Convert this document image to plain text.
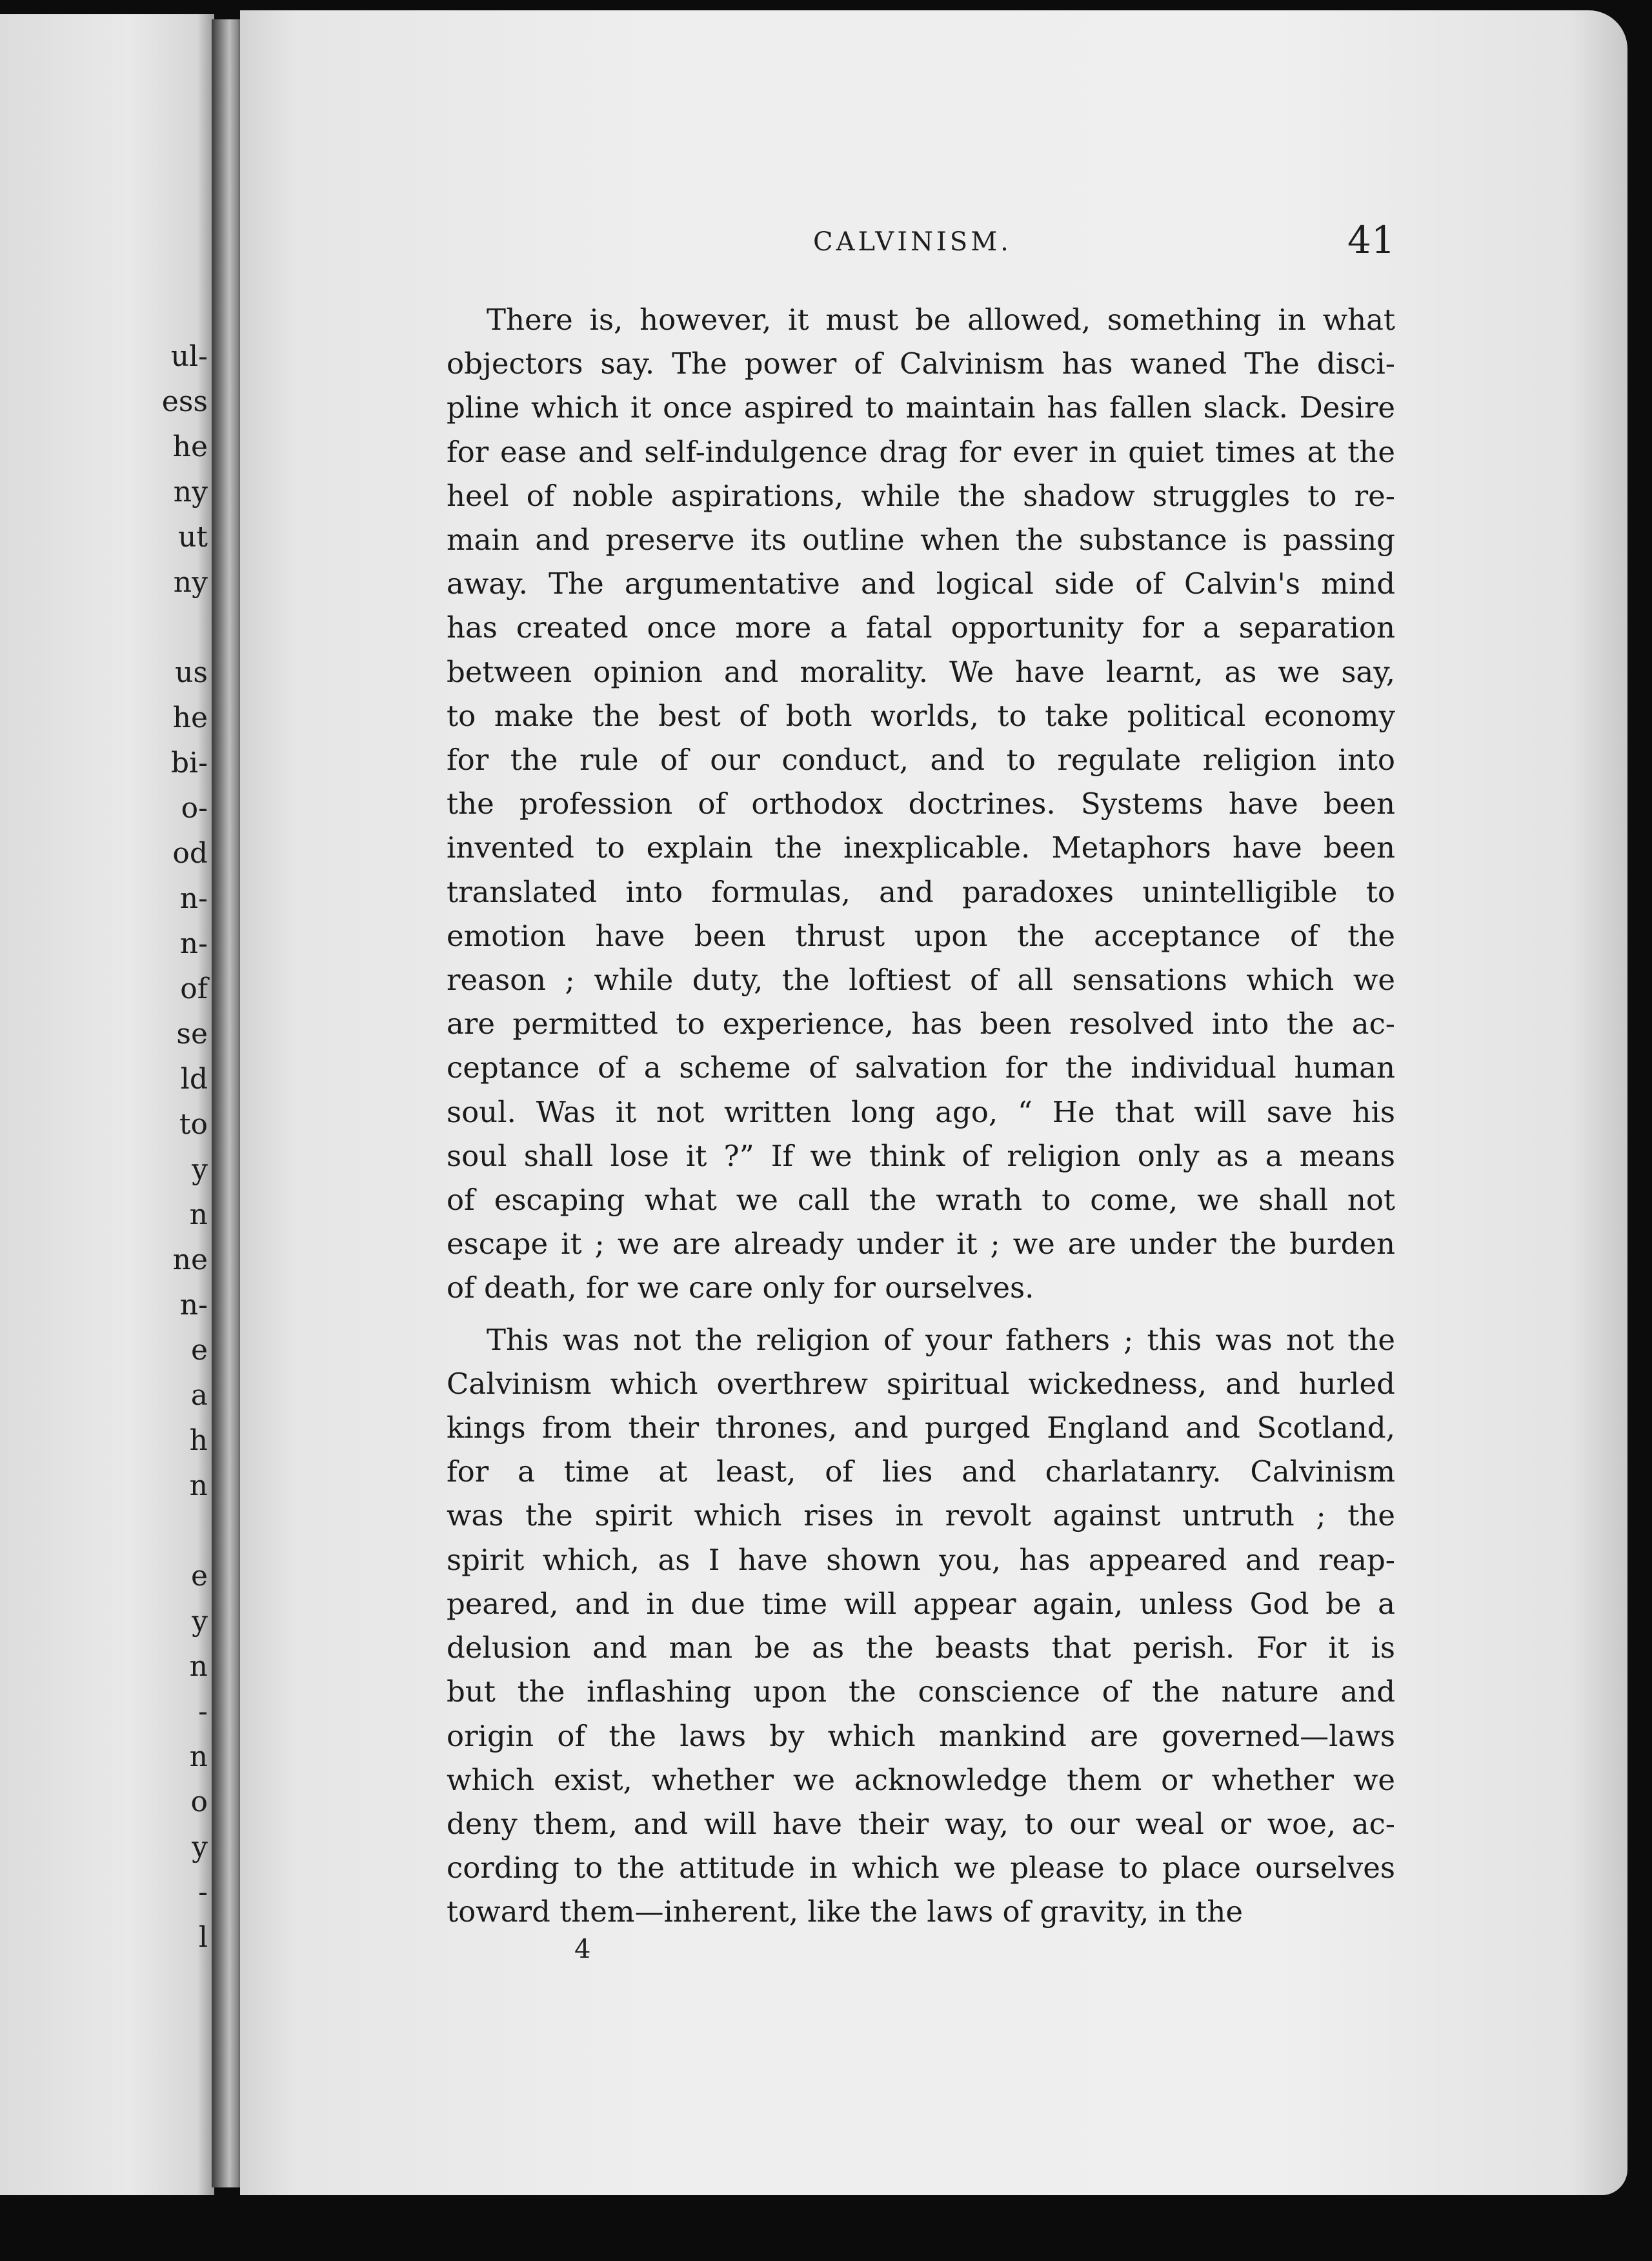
ul-
ess
he
ny
ut
ny
us
he
bi-
o-
od
n-
n-
of
se
ld
to
y
n
ne
n-
e
a
h
n
e
y
n
-
n
o
y
-
l
CALVINISM.	41
There is, however, it must be allowed, something in what
objectors say. The power of Calvinism has waned The disci-
pline which it once aspired to maintain has fallen slack. Desire
for ease and self-indulgence drag for ever in quiet times at the
heel of noble aspirations, while the shadow struggles to re-
main and preserve its outline when the substance is passing
away. The argumentative and logical side of Calvin's mind
has created once more a fatal opportunity for a separation
between opinion and morality. We have learnt, as we say,
to make the best of both worlds, to take political economy
for the rule of our conduct, and to regulate religion into
the profession of orthodox doctrines. Systems have been
invented to explain the inexplicable. Metaphors have been
translated into formulas, and paradoxes unintelligible to
emotion have been thrust upon the acceptance of the
reason ; while duty, the loftiest of all sensations which we
are permitted to experience, has been resolved into the ac-
ceptance of a scheme of salvation for the individual human
soul. Was it not written long ago, “ He that will save his
soul shall lose it ?” If we think of religion only as a means
of escaping what we call the wrath to come, we shall not
escape it ; we are already under it ; we are under the burden
of death, for we care only for ourselves.
This was not the religion of your fathers ; this was not the
Calvinism which overthrew spiritual wickedness, and hurled
kings from their thrones, and purged England and Scotland,
for a time at least, of lies and charlatanry. Calvinism
was the spirit which rises in revolt against untruth ; the
spirit which, as I have shown you, has appeared and reap-
peared, and in due time will appear again, unless God be a
delusion and man be as the beasts that perish. For it is
but the inflashing upon the conscience of the nature and
origin of the laws by which mankind are governed—laws
which exist, whether we acknowledge them or whether we
deny them, and will have their way, to our weal or woe, ac-
cording to the attitude in which we please to place ourselves
toward them—inherent, like the laws of gravity, in the
4
